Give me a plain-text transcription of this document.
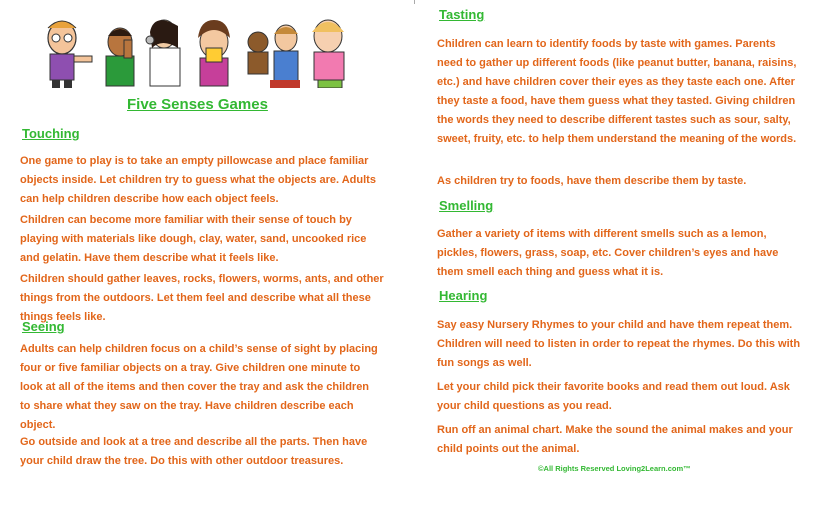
Five Senses Games
Touching
One game to play is to take an empty pillowcase and place familiar objects inside. Let children try to guess what the objects are. Adults can help children describe how each object feels.
Children can become more familiar with their sense of touch by playing with materials like dough, clay, water, sand, uncooked rice and gelatin. Have them describe what it feels like.
Children should gather leaves, rocks, flowers, worms, ants, and other things from the outdoors. Let them feel and describe what all these things feels like.
Seeing
Adults can help children focus on a child’s sense of sight by placing four or five familiar objects on a tray. Give children one minute to look at all of the items and then cover the tray and ask the children to share what they saw on the tray. Have children describe each object.
Go outside and look at a tree and describe all the parts. Then have your child draw the tree. Do this with other outdoor treasures.
Tasting
Children can learn to identify foods by taste with games. Parents need to gather up different foods (like peanut butter, banana, raisins, etc.) and have children cover their eyes as they taste each one. After they taste a food, have them guess what they tasted. Giving children the words they need to describe different tastes such as sour, salty, sweet, fruity, etc. to help them understand the meaning of the words.
As children try to foods, have them describe them by taste.
Smelling
Gather a variety of items with different smells such as a lemon, pickles, flowers, grass, soap, etc. Cover children’s eyes and have them smell each thing and guess what it is.
Hearing
Say easy Nursery Rhymes to your child and have them repeat them. Children will need to listen in order to repeat the rhymes. Do this with fun songs as well.
Let your child pick their favorite books and read them out loud. Ask your child questions as you read.
Run off an animal chart. Make the sound the animal makes and your child points out the animal.
©All Rights Reserved Loving2Learn.com™
